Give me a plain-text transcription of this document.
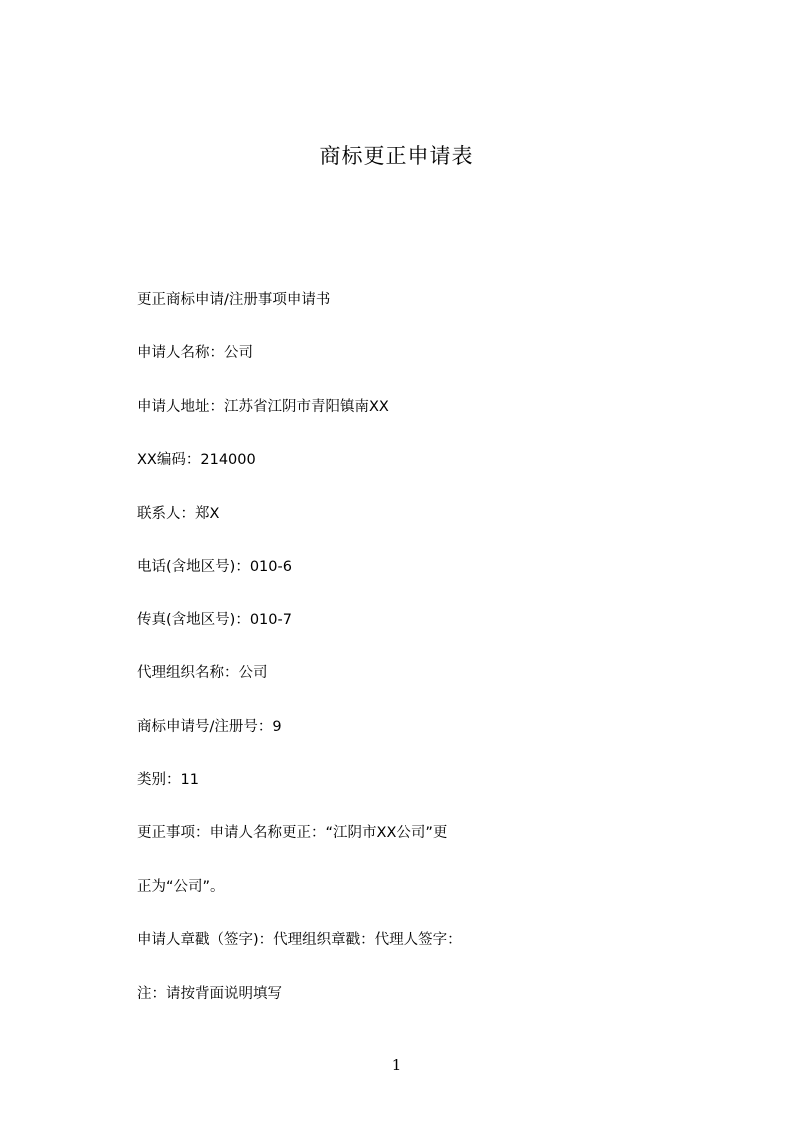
商标更正申请表
更正商标申请/注册事项申请书
申请人名称：公司
申请人地址：江苏省江阴市青阳镇南XX
XX编码：214000
联系人：郑X
电话(含地区号)：010-6
传真(含地区号)：010-7
代理组织名称：公司
商标申请号/注册号：9
类别：11
更正事项：申请人名称更正：“江阴市XX公司”更
正为“公司”。
申请人章戳（签字)：代理组织章戳：代理人签字：
注：请按背面说明填写
1
